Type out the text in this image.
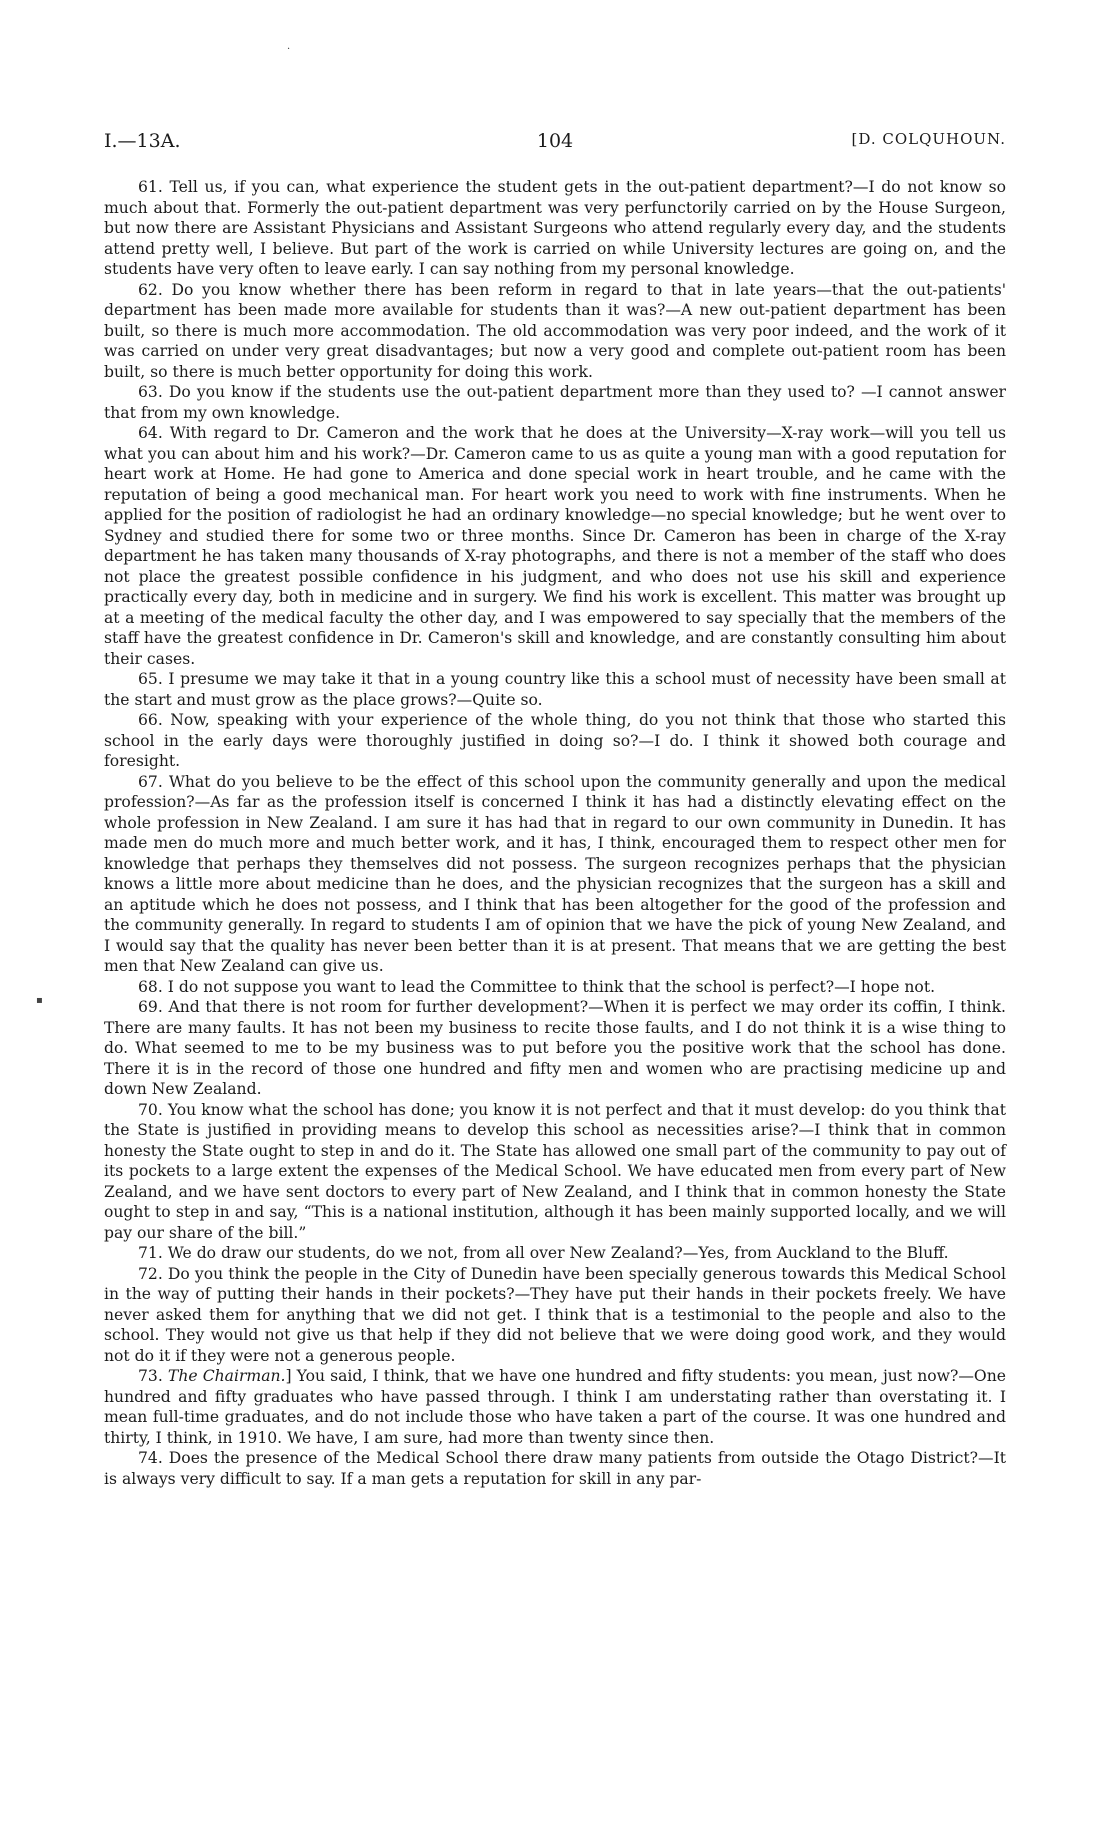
·
I.—13A.	104	[D. COLQUHOUN.

61. Tell us, if you can, what experience the student gets in the out-patient department?—I do not know so much about that. Formerly the out-patient department was very perfunctorily carried on by the House Surgeon, but now there are Assistant Physicians and Assistant Surgeons who attend regularly every day, and the students attend pretty well, I believe. But part of the work is carried on while University lectures are going on, and the students have very often to leave early. I can say nothing from my personal knowledge.

62. Do you know whether there has been reform in regard to that in late years—that the out-patients' department has been made more available for students than it was?—A new out-patient department has been built, so there is much more accommodation. The old accommodation was very poor indeed, and the work of it was carried on under very great disadvantages; but now a very good and complete out-patient room has been built, so there is much better opportunity for doing this work.

63. Do you know if the students use the out-patient department more than they used to? —I cannot answer that from my own knowledge.

64. With regard to Dr. Cameron and the work that he does at the University—X-ray work—will you tell us what you can about him and his work?—Dr. Cameron came to us as quite a young man with a good reputation for heart work at Home. He had gone to America and done special work in heart trouble, and he came with the reputation of being a good mechanical man. For heart work you need to work with fine instruments. When he applied for the position of radiologist he had an ordinary knowledge—no special knowledge; but he went over to Sydney and studied there for some two or three months. Since Dr. Cameron has been in charge of the X-ray department he has taken many thousands of X-ray photographs, and there is not a member of the staff who does not place the greatest possible confidence in his judgment, and who does not use his skill and experience practically every day, both in medicine and in surgery. We find his work is excellent. This matter was brought up at a meeting of the medical faculty the other day, and I was empowered to say specially that the members of the staff have the greatest confidence in Dr. Cameron's skill and knowledge, and are constantly consulting him about their cases.

65. I presume we may take it that in a young country like this a school must of necessity have been small at the start and must grow as the place grows?—Quite so.

66. Now, speaking with your experience of the whole thing, do you not think that those who started this school in the early days were thoroughly justified in doing so?—I do. I think it showed both courage and foresight.

67. What do you believe to be the effect of this school upon the community generally and upon the medical profession?—As far as the profession itself is concerned I think it has had a distinctly elevating effect on the whole profession in New Zealand. I am sure it has had that in regard to our own community in Dunedin. It has made men do much more and much better work, and it has, I think, encouraged them to respect other men for knowledge that perhaps they themselves did not possess. The surgeon recognizes perhaps that the physician knows a little more about medicine than he does, and the physician recognizes that the surgeon has a skill and an aptitude which he does not possess, and I think that has been altogether for the good of the profession and the community generally. In regard to students I am of opinion that we have the pick of young New Zealand, and I would say that the quality has never been better than it is at present. That means that we are getting the best men that New Zealand can give us.

68. I do not suppose you want to lead the Committee to think that the school is perfect?—I hope not.

69. And that there is not room for further development?—When it is perfect we may order its coffin, I think. There are many faults. It has not been my business to recite those faults, and I do not think it is a wise thing to do. What seemed to me to be my business was to put before you the positive work that the school has done. There it is in the record of those one hundred and fifty men and women who are practising medicine up and down New Zealand.

70. You know what the school has done; you know it is not perfect and that it must develop: do you think that the State is justified in providing means to develop this school as necessities arise?—I think that in common honesty the State ought to step in and do it. The State has allowed one small part of the community to pay out of its pockets to a large extent the expenses of the Medical School. We have educated men from every part of New Zealand, and we have sent doctors to every part of New Zealand, and I think that in common honesty the State ought to step in and say, “This is a national institution, although it has been mainly supported locally, and we will pay our share of the bill.”

71. We do draw our students, do we not, from all over New Zealand?—Yes, from Auckland to the Bluff.

72. Do you think the people in the City of Dunedin have been specially generous towards this Medical School in the way of putting their hands in their pockets?—They have put their hands in their pockets freely. We have never asked them for anything that we did not get. I think that is a testimonial to the people and also to the school. They would not give us that help if they did not believe that we were doing good work, and they would not do it if they were not a generous people.

73. The Chairman.] You said, I think, that we have one hundred and fifty students: you mean, just now?—One hundred and fifty graduates who have passed through. I think I am understating rather than overstating it. I mean full-time graduates, and do not include those who have taken a part of the course. It was one hundred and thirty, I think, in 1910. We have, I am sure, had more than twenty since then.

74. Does the presence of the Medical School there draw many patients from outside the Otago District?—It is always very difficult to say. If a man gets a reputation for skill in any par-

▪
